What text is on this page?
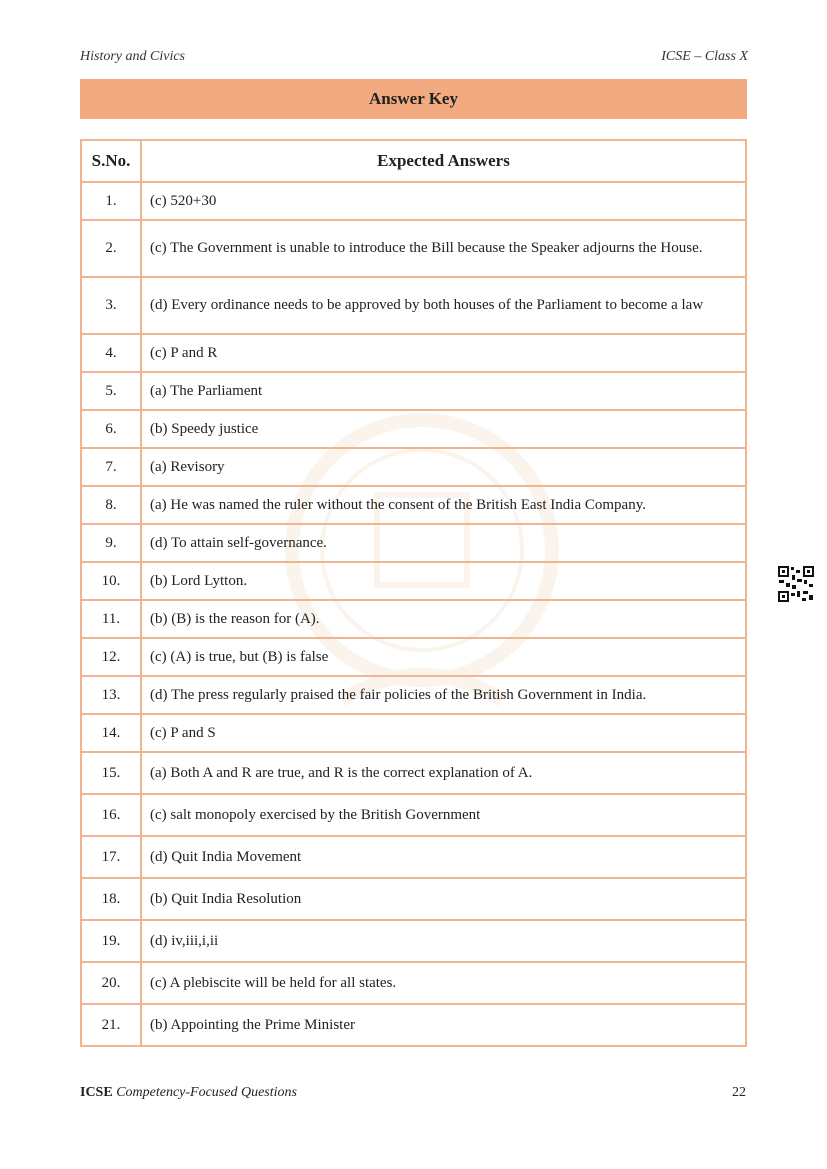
History and Civics	ICSE – Class X
Answer Key
S.No.	Expected Answers
1.	(c) 520+30
2.	(c) The Government is unable to introduce the Bill because the Speaker adjourns the House.
3.	(d) Every ordinance needs to be approved by both houses of the Parliament to become a law
4.	(c) P and R
5.	(a) The Parliament
6.	(b) Speedy justice
7.	(a) Revisory
8.	(a) He was named the ruler without the consent of the British East India Company.
9.	(d) To attain self-governance.
10.	(b) Lord Lytton.
11.	(b) (B) is the reason for (A).
12.	(c) (A) is true, but (B) is false
13.	(d) The press regularly praised the fair policies of the British Government in India.
14.	(c) P and S
15.	(a) Both A and R are true, and R is the correct explanation of A.
16.	(c) salt monopoly exercised by the British Government
17.	(d) Quit India Movement
18.	(b) Quit India Resolution
19.	(d) iv,iii,i,ii
20.	(c) A plebiscite will be held for all states.
21.	(b) Appointing the Prime Minister
ICSE Competency-Focused Questions	22
